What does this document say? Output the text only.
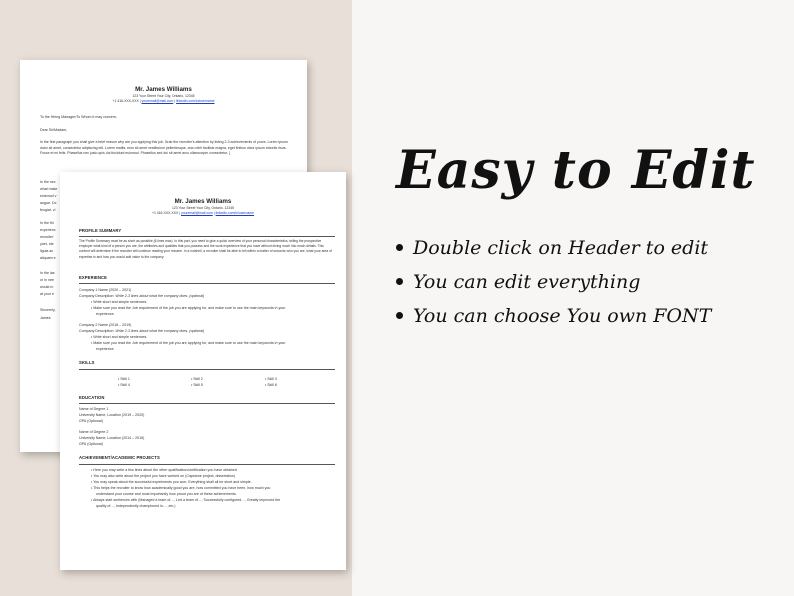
Mr. James Williams
123 Your Street Your City, Ontario, 12345
+1 416-XXX-XXX | youremail@mail.com | linkedin.com/in/username
To the Hiring Manager/To Whom it may concern,
Dear Sir/Madam,
In the first paragraph you shall give a brief reason why are you applying this job. Grab the recruiter's attention by listing 2-3 achievements of yours. Lorem ipsum dolor sit amet, consectetur adipiscing elit. Lorem mattis, eros sit amet vestibulum pellentesque, arcu nibh facilisis magna, eget finibus dolor ipsum lobortis risus. Fusce et mi felis. Phasellus nec justo quis dui tincidunt euismod. Phasellus sed dui sit amet arcu ullamcorper consectetur. }
In the sec
what make
euismod v
augue. Dc
feugiat, vi
In the thi
experienc
recruiter'
yoet, ide
ligula ac
aliquam e
In the las
or in nee
would m
at your e
Sincerely,
James
Mr. James Williams
123 Your Street Your City, Ontario, 12345
+1 416-XXX-XXX | youremail@mail.com | linkedin.com/in/username
PROFILE SUMMARY
The Profile Summary must be as short as possible (6 lines max). In this part, you need to give a quick overview of your personal characteristics, telling the prospective employer what kind of a person you are, the attributes and qualities that you possess and the work experience that you have without diving much into much details. This content will determine if the recruiter will continue reading your resume. In a nutshell, a recruiter shall be able to tell within a matter of seconds who you are, what your area of expertise is and how you would add value to the company.
EXPERIENCE
Company 1 Name (2020 – 2021)
Company Description: Write 2-3 lines about what the company does. (optional)
• Write short and simple sentences.
• Make sure you read the Job requirement of the job you are applying for, and make sure to use the main keywords in your
experience.
Company 2 Name (2018 – 2019)
Company Description: Write 2-3 lines about what the company does. (optional)
• Write short and simple sentences.
• Make sure you read the Job requirement of the job you are applying for, and make sure to use the main keywords in your
experience.
SKILLS
• Skill 1	• Skill 2	• Skill 3
• Skill 4	• Skill 5	• Skill 6
EDUCATION
Name of Degree 1
University Name, Location (2019 – 2020)
GPA (Optional)
Name of Degree 2
University Name, Location (2014 – 2016)
GPA (Optional)
ACHIEVEMENT/ACADEMIC PROJECTS
• Here you may write a few lines about the other qualification/certification you have obtained
• You may also write about the project you have worked on (Capstone project, dissertation)
• You may speak about the successful experiments you won. Everything shall all be short and simple.
• This helps the recruiter to know how academically good you are, how committed you have been, how much you
understand your course and most importantly how proud you are of these achievements.
• Always start sentences with (Managed a team of…, Led a team of…, Successfully configured…, Greatly improved the
quality of…, Independently championed in…, etc.)
Easy to Edit
Double click on Header to edit
You can edit everything
You can choose You own FONT
